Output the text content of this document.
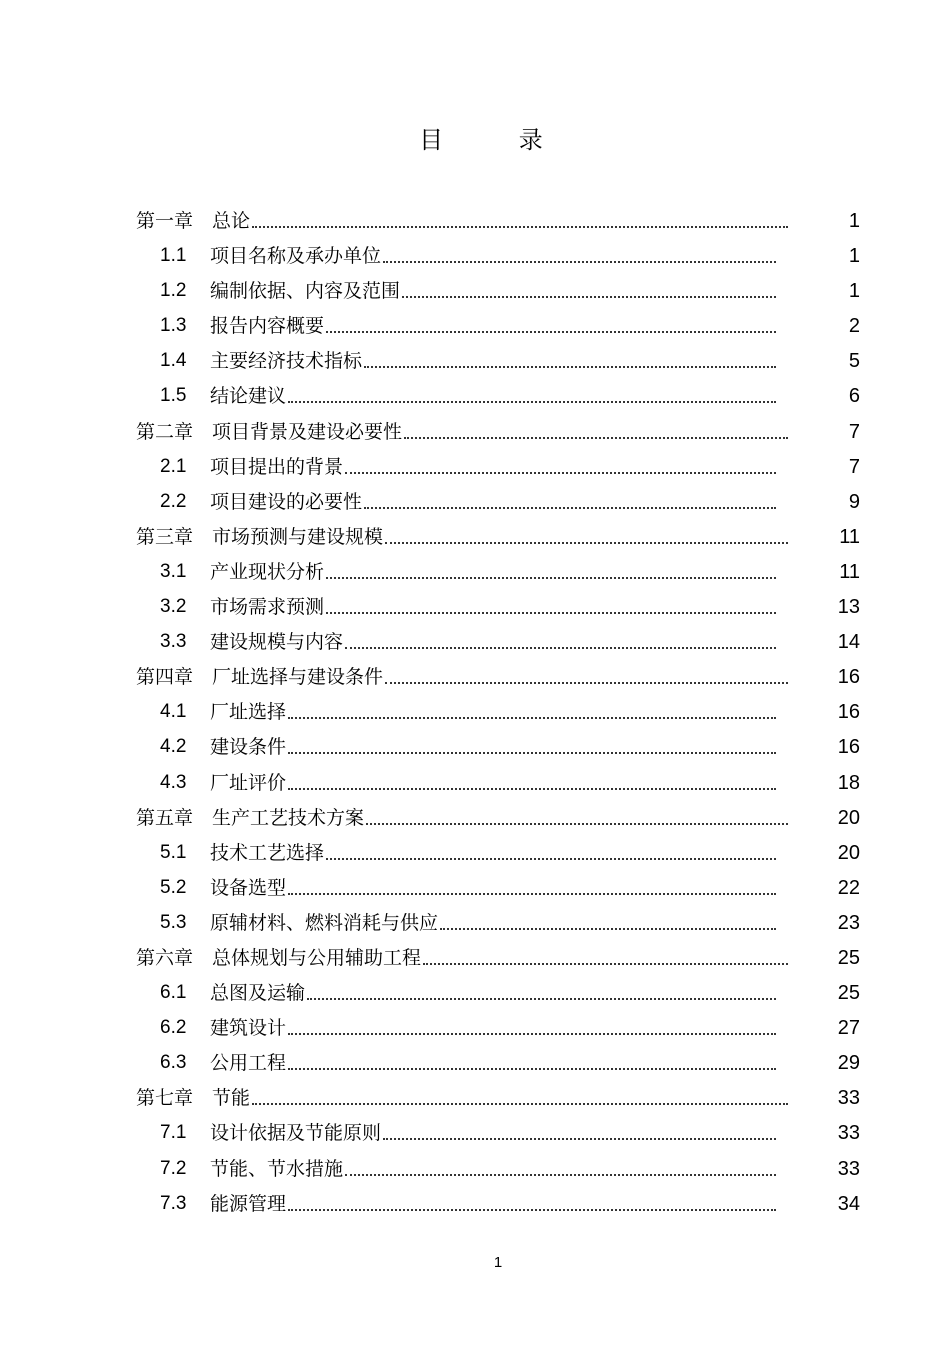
目 录
第一章　总论	1
1.1 项目名称及承办单位	1
1.2 编制依据、内容及范围	1
1.3 报告内容概要	2
1.4 主要经济技术指标	5
1.5 结论建议	6
第二章　项目背景及建设必要性	7
2.1 项目提出的背景	7
2.2 项目建设的必要性	9
第三章　市场预测与建设规模	11
3.1 产业现状分析	11
3.2 市场需求预测	13
3.3 建设规模与内容	14
第四章　厂址选择与建设条件	16
4.1 厂址选择	16
4.2 建设条件	16
4.3 厂址评价	18
第五章　生产工艺技术方案	20
5.1 技术工艺选择	20
5.2 设备选型	22
5.3 原辅材料、燃料消耗与供应	23
第六章　总体规划与公用辅助工程	25
6.1 总图及运输	25
6.2 建筑设计	27
6.3 公用工程	29
第七章　节能	33
7.1 设计依据及节能原则	33
7.2 节能、节水措施	33
7.3 能源管理	34
1
